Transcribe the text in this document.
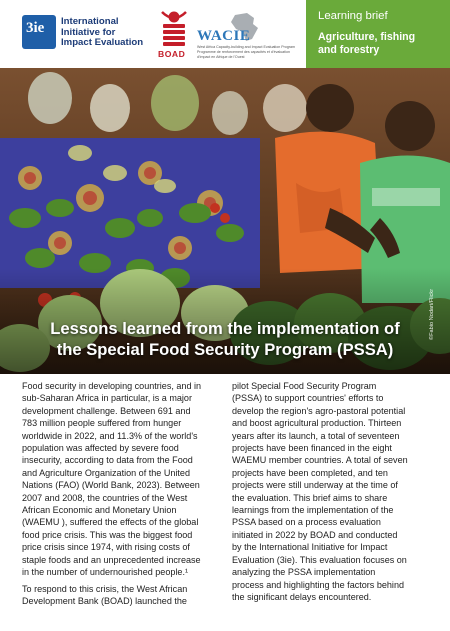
3ie International
Initiative for
Impact Evaluation
BOAD
WACIE
West Africa Capacity-building and Impact Evaluation Program
Programme de renforcement des capacités et d'évaluation
d'impact en Afrique de l'Ouest
Learning brief
Agriculture, fishing
and forestry
©Fabio Nodari/Flickr
Lessons learned from the implementation of
the Special Food Security Program (PSSA)

Food security in developing countries, and in
sub-Saharan Africa in particular, is a major
development challenge. Between 691 and
783 million people suffered from hunger
worldwide in 2022, and 11.3% of the world's
population was affected by severe food
insecurity, according to data from the Food
and Agriculture Organization of the United
Nations (FAO) (World Bank, 2023). Between
2007 and 2008, the countries of the West
African Economic and Monetary Union
(WAEMU ), suffered the effects of the global
food price crisis. This was the biggest food
price crisis since 1974, with rising costs of
staple foods and an unprecedented increase
in the number of undernourished people.¹

To respond to this crisis, the West African
Development Bank (BOAD) launched the

pilot Special Food Security Program
(PSSA) to support countries' efforts to
develop the region's agro-pastoral potential
and boost agricultural production. Thirteen
years after its launch, a total of seventeen
projects have been financed in the eight
WAEMU member countries. A total of seven
projects have been completed, and ten
projects were still underway at the time of
the evaluation. This brief aims to share
learnings from the implementation of the
PSSA based on a process evaluation
initiated in 2022 by BOAD and conducted
by the International Initiative for Impact
Evaluation (3ie). This evaluation focuses on
analyzing the PSSA implementation
process and highlighting the factors behind
the significant delays encountered.
